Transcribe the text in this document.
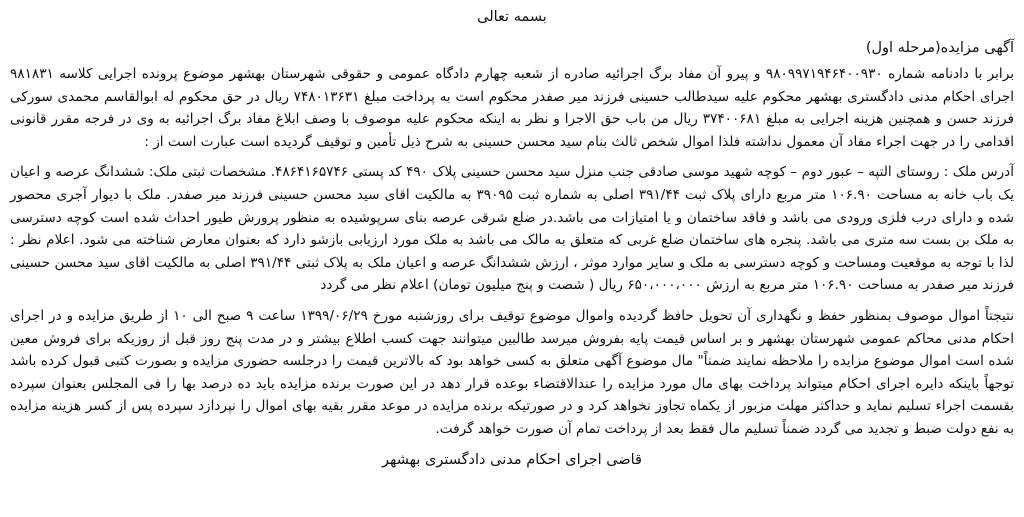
بسمه تعالی
آگهی مزایده(مرحله اول)

برابر با دادنامه شماره ۹۸۰۹۹۷۱۹۴۶۴۰۰۹۳۰ و پیرو آن مفاد برگ اجرائیه صادره از شعبه چهارم دادگاه عمومی و حقوقی شهرستان بهشهر موضوع پرونده اجرایی کلاسه ۹۸۱۸۳۱ اجرای احکام مدنی دادگستری بهشهر محکوم علیه سیدطالب حسینی فرزند میر صفدر محکوم است به پرداخت مبلغ ۷۴۸۰۱۳۶۳۱ ریال در حق محکوم له ابوالقاسم محمدی سورکی فرزند حسن و همچنین هزینه اجرایی به مبلغ ۳۷۴۰۰۶۸۱ ریال من باب حق الاجرا و نظر به اینکه محکوم علیه موصوف با وصف ابلاغ مفاد برگ اجرائیه به وی در فرجه مقرر قانونی اقدامی را در جهت اجراء مفاد آن معمول نداشته فلذا اموال شخص ثالث بنام سید محسن حسینی به شرح ذیل تأمین و توقیف گردیده است عبارت است از :

آدرس ملک : روستای التپه – عبور دوم – کوچه شهید موسی صادقی جنب منزل سید محسن حسینی پلاک ۴۹۰ کد پستی ۴۸۶۴۱۶۵۷۴۶. مشخصات ثبتی ملک: ششدانگ عرصه و اعیان یک باب خانه به مساحت ۱۰۶.۹۰ متر مربع دارای پلاک ثبت ۳۹۱/۴۴ اصلی به شماره ثبت ۳۹۰۹۵ به مالکیت اقای سید محسن حسینی فرزند میر صفدر. ملک با دیوار آجری محصور شده و دارای درب فلزی ورودی می باشد و فاقد ساختمان و یا امتیازات می باشد.در ضلع شرقی عرصه بنای سرپوشیده به منظور پرورش طیور احداث شده است کوچه دسترسی به ملک بن بست سه متری می باشد. پنجره های ساختمان ضلع غربی که متعلق به مالک می باشد به ملک مورد ارزیابی بازشو دارد که بعنوان معارض شناخته می شود. اعلام نظر : لذا با توجه به موقعیت ومساحت و کوچه دسترسی به ملک و سایر موارد موثر ، ارزش ششدانگ عرصه و اعیان ملک به پلاک ثبتی ۳۹۱/۴۴ اصلی به مالکیت اقای سید محسن حسینی فرزند میر صفدر به مساحت ۱۰۶.۹۰ متر مربع به ارزش ۶۵۰،۰۰۰،۰۰۰ ریال ( شصت و پنج میلیون تومان) اعلام نظر می گردد

نتیجتاً اموال موصوف بمنظور حفظ و نگهداری آن تحویل حافظ گردیده واموال موضوع توقیف برای روزشنبه مورخ ۱۳۹۹/۰۶/۲۹ ساعت ۹ صبح الی ۱۰ از طریق مزایده و در اجرای احکام مدنی محاکم عمومی شهرستان بهشهر و بر اساس قیمت پایه بفروش میرسد طالبین میتوانند جهت کسب اطلاع بیشتر و در مدت پنج روز قبل از روزیکه برای فروش معین شده است اموال موضوع مزایده را ملاحظه نمایند ضمناً" مال موضوع آگهی متعلق به کسی خواهد بود که بالاترین قیمت را درجلسه حضوری مزایده و بصورت کتبی قبول کرده باشد توجهاً باینکه دایره اجرای احکام میتواند پرداخت بهای مال مورد مزایده را عندالاقتضاء بوعده قرار دهد در این صورت برنده مزایده باید ده درصد بها را فی المجلس بعنوان سپرده بقسمت اجراء تسلیم نماید و حداکثر مهلت مزبور از یکماه تجاوز نخواهد کرد و در صورتیکه برنده مزایده در موعد مقرر بقیه بهای اموال را نپردازد سپرده پس از کسر هزینه مزایده به نفع دولت ضبط و تجدید می گردد ضمناً تسلیم مال فقط بعد از پرداخت تمام آن صورت خواهد گرفت.

قاضی اجرای احکام مدنی دادگستری بهشهر
